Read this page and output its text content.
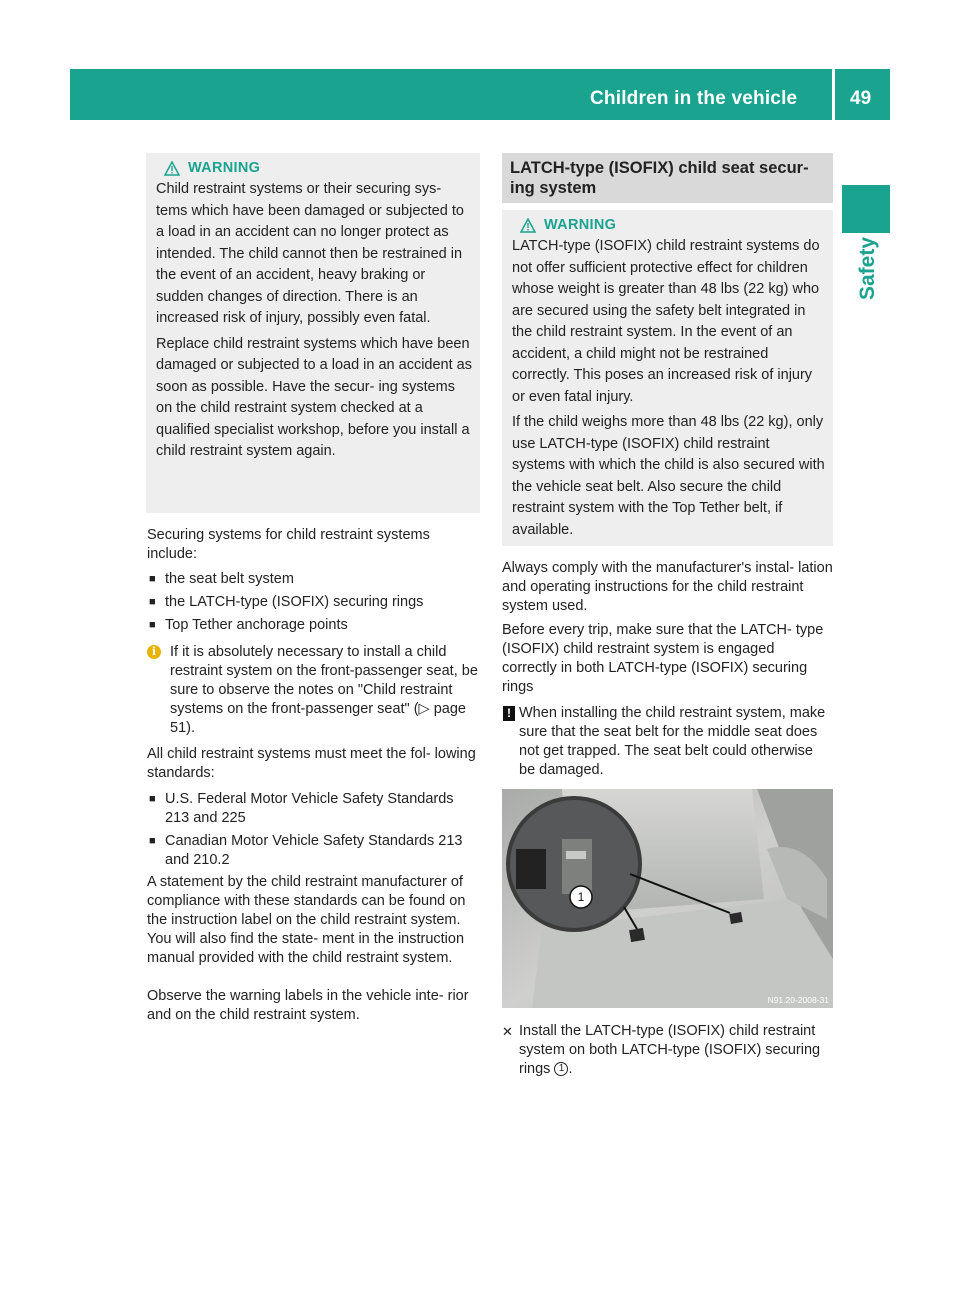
Children in the vehicle	49
Safety
WARNING

Child restraint systems or their securing sys- tems which have been damaged or subjected to a load in an accident can no longer protect as intended. The child cannot then be restrained in the event of an accident, heavy braking or sudden changes of direction. There is an increased risk of injury, possibly even fatal.

Replace child restraint systems which have been damaged or subjected to a load in an accident as soon as possible. Have the secur- ing systems on the child restraint system checked at a qualified specialist workshop, before you install a child restraint system again.

Securing systems for child restraint systems include:
■ the seat belt system
■ the LATCH-type (ISOFIX) securing rings
■ Top Tether anchorage points
i If it is absolutely necessary to install a child restraint system on the front-passenger seat, be sure to observe the notes on "Child restraint systems on the front-passenger seat" (▷ page 51).
All child restraint systems must meet the fol- lowing standards:
■ U.S. Federal Motor Vehicle Safety Standards 213 and 225
■ Canadian Motor Vehicle Safety Standards 213 and 210.2
A statement by the child restraint manufacturer of compliance with these standards can be found on the instruction label on the child restraint system. You will also find the state- ment in the instruction manual provided with the child restraint system.
Observe the warning labels in the vehicle inte- rior and on the child restraint system.
LATCH-type (ISOFIX) child seat secur- ing system
WARNING

LATCH-type (ISOFIX) child restraint systems do not offer sufficient protective effect for children whose weight is greater than 48 lbs (22 kg) who are secured using the safety belt integrated in the child restraint system. In the event of an accident, a child might not be restrained correctly. This poses an increased risk of injury or even fatal injury.

If the child weighs more than 48 lbs (22 kg), only use LATCH-type (ISOFIX) child restraint systems with which the child is also secured with the vehicle seat belt. Also secure the child restraint system with the Top Tether belt, if available.

Always comply with the manufacturer's instal- lation and operating instructions for the child restraint system used.
Before every trip, make sure that the LATCH- type (ISOFIX) child restraint system is engaged correctly in both LATCH-type (ISOFIX) securing rings
! When installing the child restraint system, make sure that the seat belt for the middle seat does not get trapped. The seat belt could otherwise be damaged.
1
N91.20-2008-31
✕ Install the LATCH-type (ISOFIX) child restraint system on both LATCH-type (ISOFIX) securing rings 1 .
